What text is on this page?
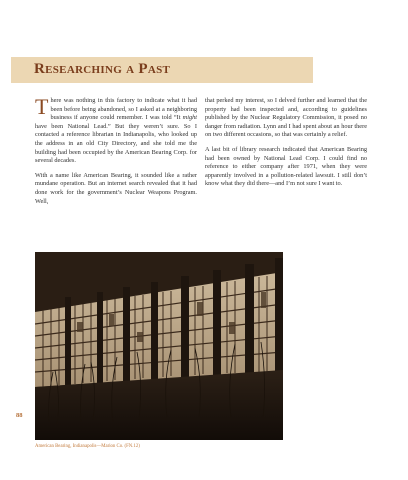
Researching a Past

There was nothing in this factory to indicate what it had been before being abandoned, so I asked at a neighboring business if anyone could remember. I was told “It might have been National Lead.” But they weren’t sure. So I contacted a reference librarian in Indianapolis, who looked up the address in an old City Directory, and she told me the building had been occupied by the American Bearing Corp. for several decades.

With a name like American Bearing, it sounded like a rather mundane operation. But an internet search revealed that it had done work for the government’s Nuclear Weapons Program. Well,

that perked my interest, so I delved further and learned that the property had been inspected and, according to guidelines published by the Nuclear Regulatory Commission, it posed no danger from radiation. Lynn and I had spent about an hour there on two different occasions, so that was certainly a relief.

A last bit of library research indicated that American Bearing had been owned by National Lead Corp. I could find no reference to either company after 1971, when they were apparently involved in a pollution-related lawsuit. I still don’t know what they did there—and I’m not sure I want to.

88
American Bearing, Indianapolis—Marion Co. (FN.12)
